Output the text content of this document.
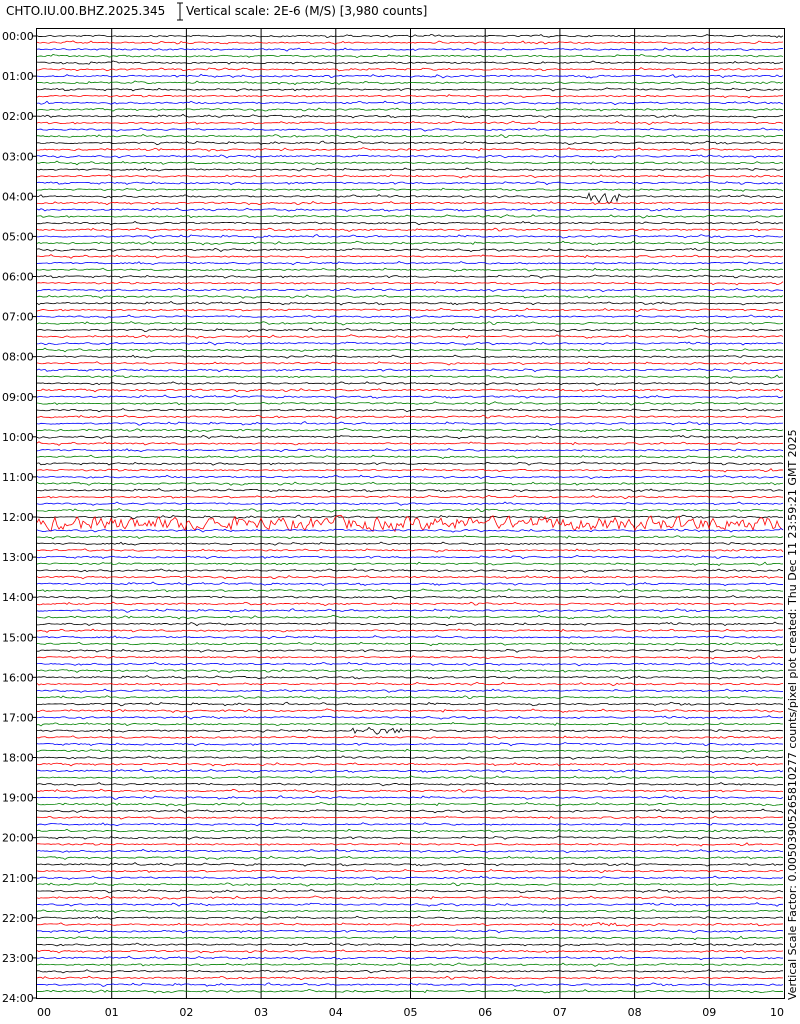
CHTO.IU.00.BHZ.2025.345 Vertical scale: 2E-6 (M/S) [3,980 counts]
00:00
01:00
02:00
03:00
04:00
05:00
06:00
07:00
08:00
09:00
10:00
11:00
12:00
13:00
14:00
15:00
16:00
17:00
18:00
19:00
20:00
21:00
22:00
23:00
24:00
00	01	02	03	04	05	06	07	08	09	10
Vertical Scale Factor: 0.00503905265810277 counts/pixel plot created: Thu Dec 11 23:59:21 GMT 2025
